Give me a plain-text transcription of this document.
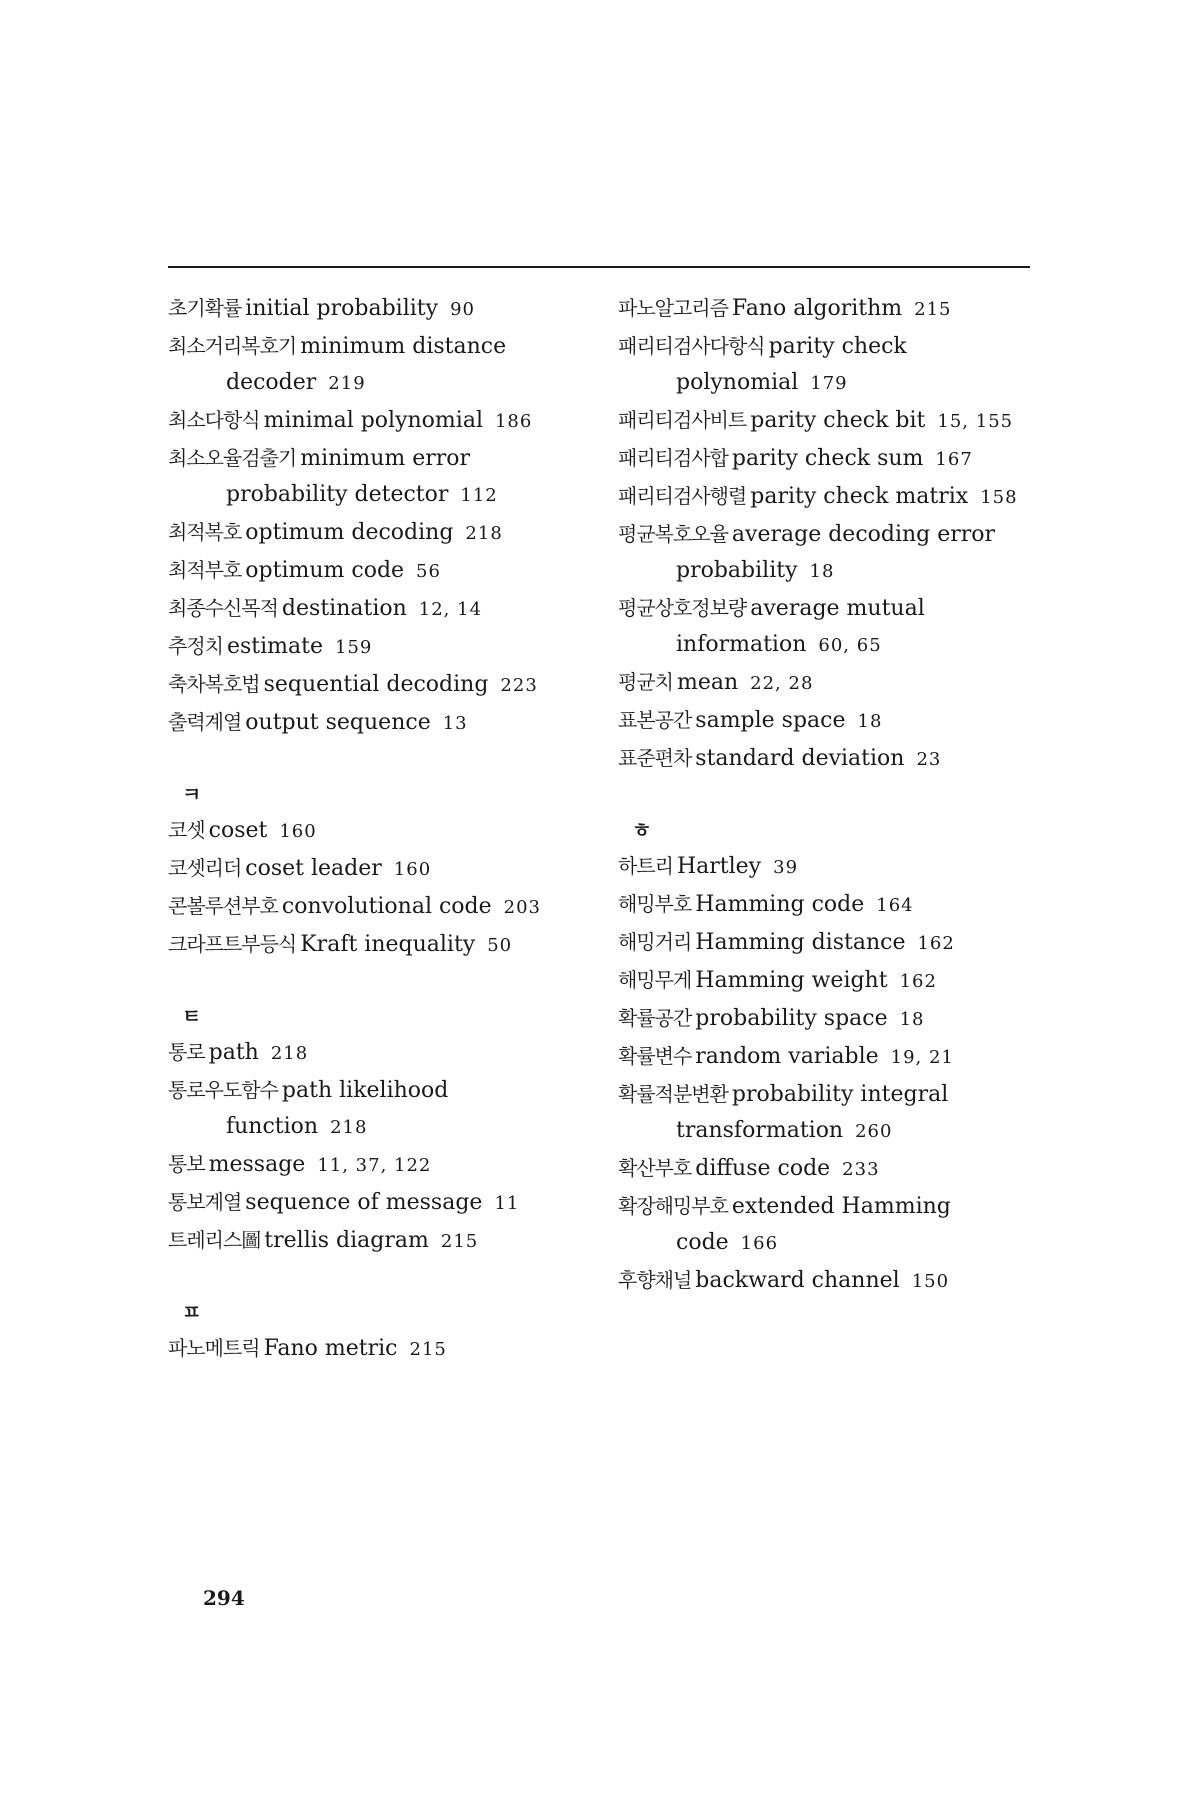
초기확률 initial probability 90
최소거리복호기 minimum distance decoder 219
최소다항식 minimal polynomial 186
최소오율검출기 minimum error probability detector 112
최적복호 optimum decoding 218
최적부호 optimum code 56
최종수신목적 destination 12, 14
추정치 estimate 159
축차복호법 sequential decoding 223
출력계열 output sequence 13
ㅋ
코셋 coset 160
코셋리더 coset leader 160
콘볼루션부호 convolutional code 203
크라프트부등식 Kraft inequality 50
ㅌ
통로 path 218
통로우도함수 path likelihood function 218
통보 message 11, 37, 122
통보계열 sequence of message 11
트레리스圖 trellis diagram 215
ㅍ
파노메트릭 Fano metric 215
파노알고리즘 Fano algorithm 215
패리티검사다항식 parity check polynomial 179
패리티검사비트 parity check bit 15, 155
패리티검사합 parity check sum 167
패리티검사행렬 parity check matrix 158
평균복호오율 average decoding error probability 18
평균상호정보량 average mutual information 60, 65
평균치 mean 22, 28
표본공간 sample space 18
표준편차 standard deviation 23
ㅎ
하트리 Hartley 39
해밍부호 Hamming code 164
해밍거리 Hamming distance 162
해밍무게 Hamming weight 162
확률공간 probability space 18
확률변수 random variable 19, 21
확률적분변환 probability integral transformation 260
확산부호 diffuse code 233
확장해밍부호 extended Hamming code 166
후향채널 backward channel 150
294
